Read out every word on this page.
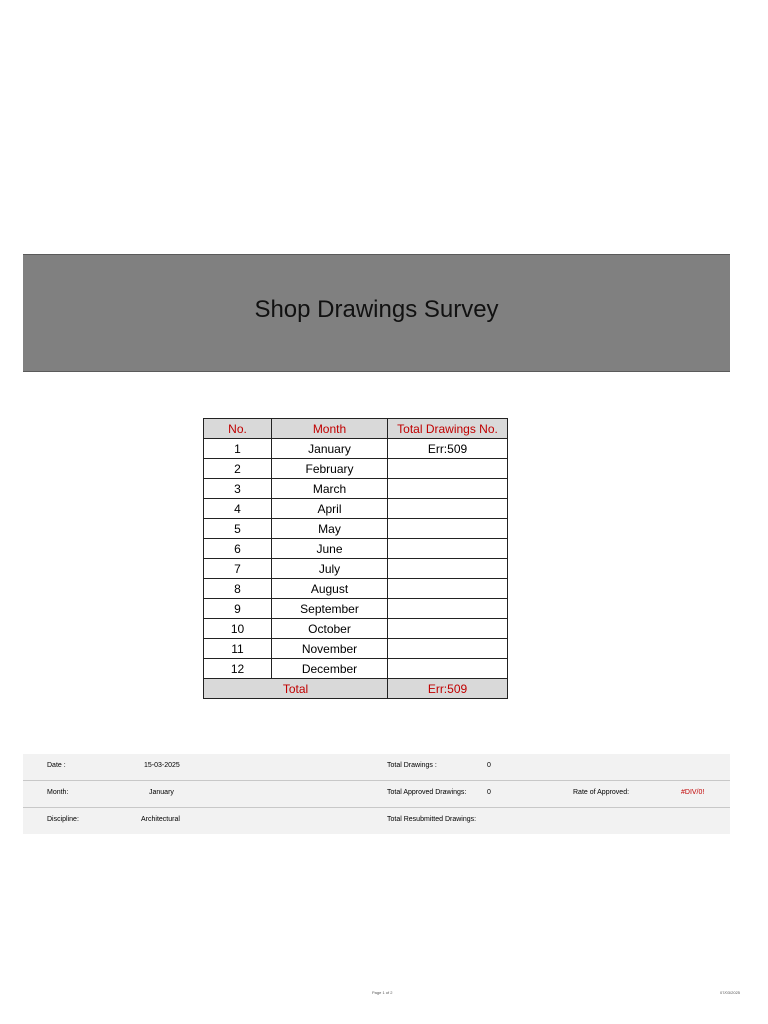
Shop Drawings Survey
No.	Month	Total Drawings No.
1	January	Err:509
2	February	
3	March	
4	April	
5	May	
6	June	
7	July	
8	August	
9	September	
10	October	
11	November	
12	December	
Total		Err:509
Date :	15-03-2025	Total Drawings :	0
Month:	January	Total Approved Drawings:	0	Rate of Approved:	#DIV/0!
Discipline:	Architectural	Total Resubmitted Drawings:
Page 1 of 2	07/03/2025
